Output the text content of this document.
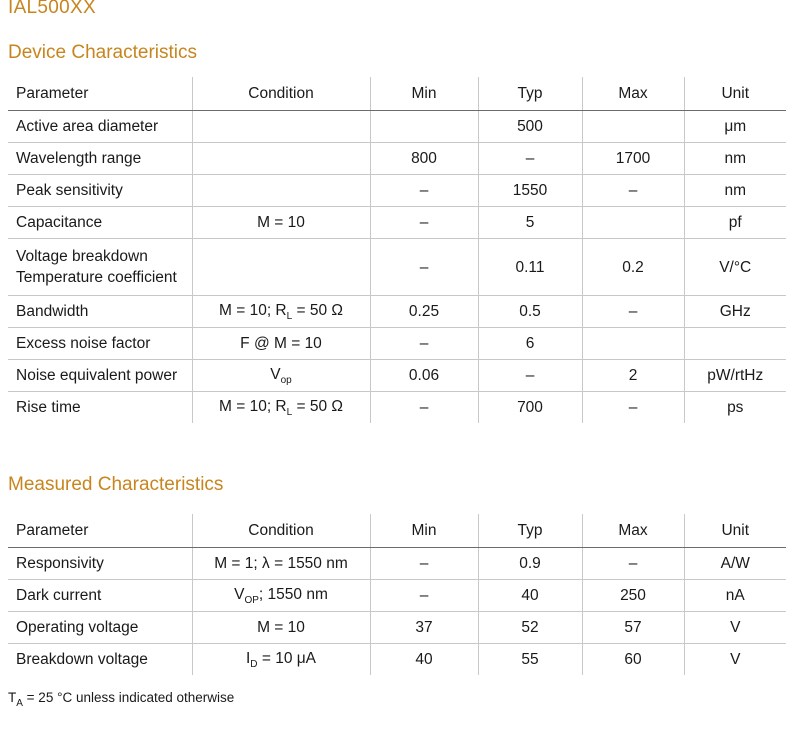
IAL500XX
Device Characteristics
Parameter	Condition	Min	Typ	Max	Unit
Active area diameter			500		μm
Wavelength range		800	–	1700	nm
Peak sensitivity		–	1550	–	nm
Capacitance	M = 10	–	5		pf
Voltage breakdown
Temperature coefficient		–	0.11	0.2	V/°C
Bandwidth	M = 10; $R_L = 50$ Ω	0.25	0.5	–	GHz
Excess noise factor	F @ M = 10	–	6		
Noise equivalent power	$V_{op}$	0.06	–	2	pW/rtHz
Rise time	M = 10; $R_L = 50$ Ω	–	700	–	ps
Measured Characteristics
Parameter	Condition	Min	Typ	Max	Unit
Responsivity	M = 1; λ = 1550 nm	–	0.9	–	A/W
Dark current	$V_{OP}$; 1550 nm	–	40	250	nA
Operating voltage	M = 10	37	52	57	V
Breakdown voltage	$I_D = 10$ μA	40	55	60	V
$T_A = 25$ °C unless indicated otherwise
